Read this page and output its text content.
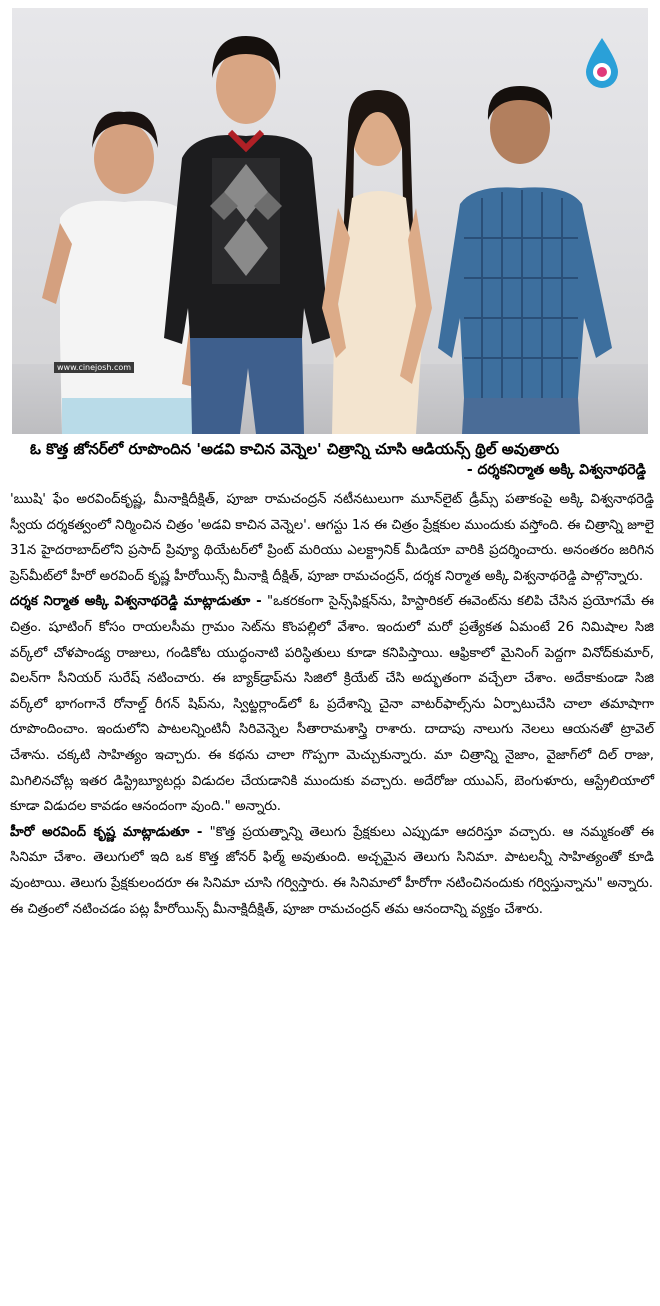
www.cinejosh.com
ఓ కొత్త జోనర్‌లో రూపొందిన 'అడవి కాచిన వెన్నెల' చిత్రాన్ని చూసి ఆడియన్స్ థ్రిల్ అవుతారు
- దర్శకనిర్మాత అక్కి విశ్వనాథరెడ్డి

'ఋషి' ఫేం అరవింద్‌కృష్ణ, మీనాక్షిదీక్షిత్, పూజా రామచంద్రన్ నటీనటులుగా మూన్‌లైట్ డ్రీమ్స్ పతాకంపై అక్కి విశ్వనాథరెడ్డి స్వీయ దర్శకత్వంలో నిర్మించిన చిత్రం 'అడవి కాచిన వెన్నెల'. ఆగస్టు 1న ఈ చిత్రం ప్రేక్షకుల ముందుకు వస్తోంది. ఈ చిత్రాన్ని జూలై 31న హైదరాబాద్‌లోని ప్రసాద్ ప్రివ్యూ థియేటర్‌లో ప్రింట్ మరియు ఎలక్ట్రానిక్ మీడియా వారికి ప్రదర్శించారు. అనంతరం జరిగిన ప్రెస్‌మీట్‌లో హీరో అరవింద్ కృష్ణ హీరోయిన్స్ మీనాక్షి దీక్షిత్, పూజా రామచంద్రన్, దర్శక నిర్మాత అక్కి విశ్వనాథరెడ్డి పాల్గొన్నారు.

దర్శక నిర్మాత అక్కి విశ్వనాథరెడ్డి మాట్లాడుతూ - "ఒకరకంగా సైన్స్‌ఫిక్షన్‌ను, హిస్టారికల్ ఈవెంట్‌ను కలిపి చేసిన ప్రయోగమే ఈ చిత్రం. షూటింగ్ కోసం రాయలసీమ గ్రామం సెట్‌ను కొంపల్లిలో వేశాం. ఇందులో మరో ప్రత్యేకత ఏమంటే 26 నిమిషాల సిజి వర్క్‌లో చోళపాండ్య రాజులు, గండికోట యుద్ధంనాటి పరిస్థితులు కూడా కనిపిస్తాయి. ఆఫ్రికాలో మైనింగ్ పెద్దగా వినోద్‌కుమార్, విలన్‌గా సీనియర్ సురేష్ నటించారు. ఈ బ్యాక్‌డ్రాప్‌ను సిజిలో క్రియేట్ చేసి అద్భుతంగా వచ్చేలా చేశాం. అదేకాకుండా సిజి వర్క్‌లో భాగంగానే రోనాల్డ్ రీగన్ షిప్‌ను, స్విట్జర్లాండ్‌లో ఓ ప్రదేశాన్ని చైనా వాటర్‌ఫాల్స్‌ను ఏర్పాటుచేసి చాలా తమాషాగా రూపొందించాం. ఇందులోని పాటలన్నింటినీ సిరివెన్నెల సీతారామశాస్త్రి రాశారు. దాదాపు నాలుగు నెలలు ఆయనతో ట్రావెల్ చేశాను. చక్కటి సాహిత్యం ఇచ్చారు. ఈ కథను చాలా గొప్పగా మెచ్చుకున్నారు. మా చిత్రాన్ని నైజాం, వైజాగ్‌లో దిల్ రాజు, మిగిలినచోట్ల ఇతర డిస్ట్రిబ్యూటర్లు విడుదల చేయడానికి ముందుకు వచ్చారు. అదేరోజు యుఎస్, బెంగుళూరు, ఆస్ట్రేలియాలో కూడా విడుదల కావడం ఆనందంగా వుంది." అన్నారు.

హీరో అరవింద్ కృష్ణ మాట్లాడుతూ - "కొత్త ప్రయత్నాన్ని తెలుగు ప్రేక్షకులు ఎప్పుడూ ఆదరిస్తూ వచ్చారు. ఆ నమ్మకంతో ఈ సినిమా చేశాం. తెలుగులో ఇది ఒక కొత్త జోనర్ ఫిల్మ్ అవుతుంది. అచ్చమైన తెలుగు సినిమా. పాటలన్నీ సాహిత్యంతో కూడి వుంటాయి. తెలుగు ప్రేక్షకులందరూ ఈ సినిమా చూసి గర్విస్తారు. ఈ సినిమాలో హీరోగా నటించినందుకు గర్విస్తున్నాను" అన్నారు.

ఈ చిత్రంలో నటించడం పట్ల హీరోయిన్స్ మీనాక్షిదీక్షిత్, పూజా రామచంద్రన్ తమ ఆనందాన్ని వ్యక్తం చేశారు.
